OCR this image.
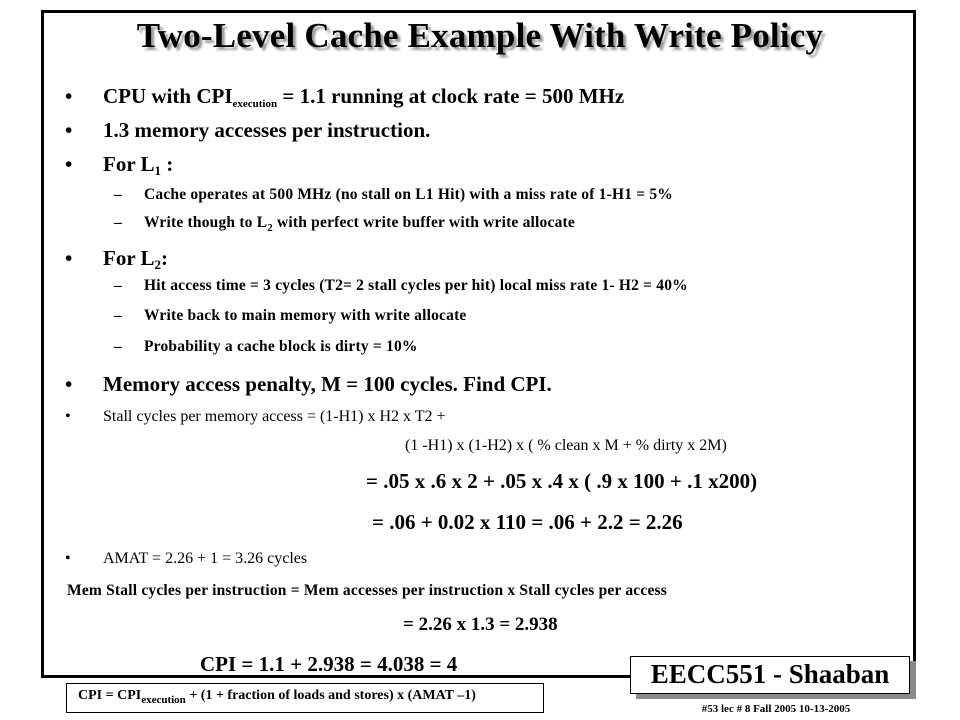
Two-Level Cache Example With Write Policy
• CPU with $CPI_{execution} = 1.1$ running at clock rate = 500 MHz
• 1.3 memory accesses per instruction.
• For $L_1$ :
– Cache operates at 500 MHz (no stall on L1 Hit) with a miss rate of 1-H1 = 5%
– Write though to $L_2$ with perfect write buffer with write allocate
• For $L_2$:
– Hit access time = 3 cycles (T2= 2 stall cycles per hit) local miss rate 1- H2 = 40%
– Write back to main memory with write allocate
– Probability a cache block is dirty = 10%
• Memory access penalty, M = 100 cycles. Find CPI.
• Stall cycles per memory access = (1-H1) x H2 x T2 +
(1 -H1) x (1-H2) x ( % clean x M + % dirty x 2M)
= .05 x .6 x 2 + .05 x .4 x ( .9 x 100 + .1 x200)
= .06 + 0.02 x 110 = .06 + 2.2 = 2.26
• AMAT = 2.26 + 1 = 3.26 cycles
Mem Stall cycles per instruction = Mem accesses per instruction x Stall cycles per access
= 2.26 x 1.3 = 2.938
CPI = 1.1 + 2.938 = 4.038 = 4
CPI = $CPI_{execution} + (1$ + fraction of loads and stores) x (AMAT –1)
EECC551 - Shaaban
#53 lec # 8 Fall 2005 10-13-2005
